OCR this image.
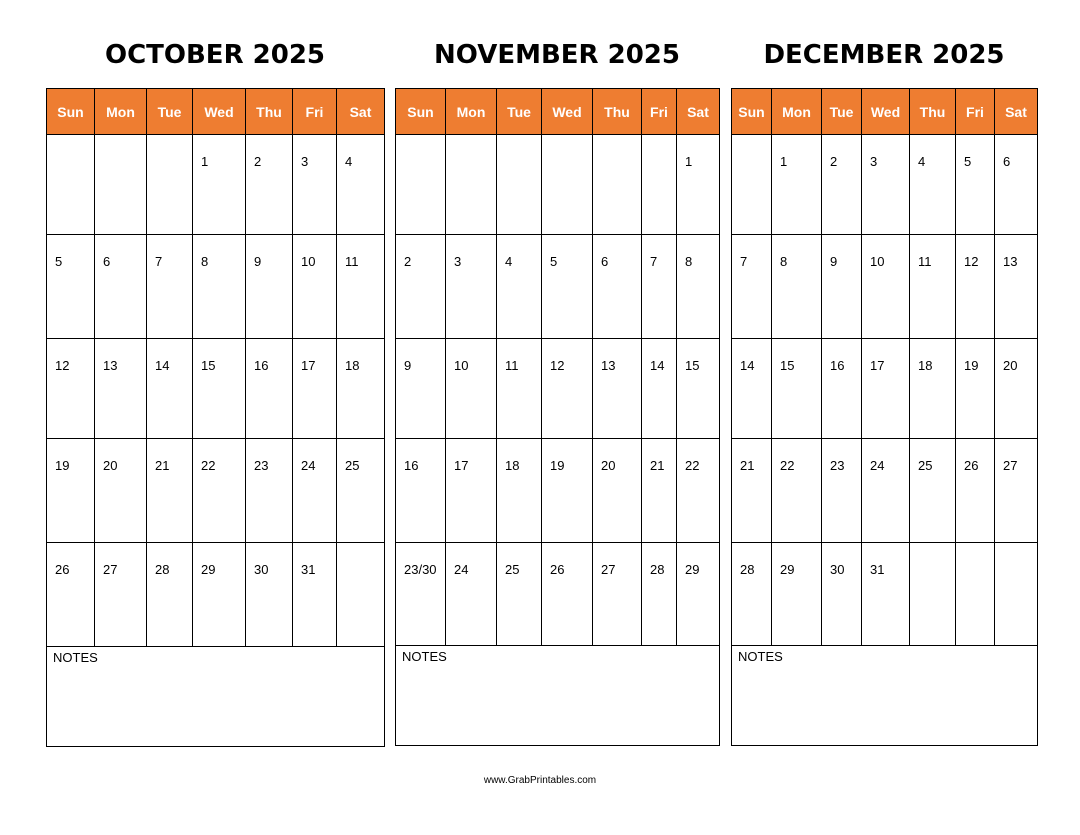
OCTOBER 2025
Sun	Mon	Tue	Wed	Thu	Fri	Sat

			1	2	3	4

5	6	7	8	9	10	11

12	13	14	15	16	17	18

19	20	21	22	23	24	25

26	27	28	29	30	31	

NOTES						
NOVEMBER 2025
Sun	Mon	Tue	Wed	Thu	Fri	Sat

						1

2	3	4	5	6	7	8

9	10	11	12	13	14	15

16	17	18	19	20	21	22

23/30	24	25	26	27	28	29

NOTES						
DECEMBER 2025
Sun	Mon	Tue	Wed	Thu	Fri	Sat

	1	2	3	4	5	6

7	8	9	10	11	12	13

14	15	16	17	18	19	20

21	22	23	24	25	26	27

28	29	30	31			

NOTES						
www.GrabPrintables.com
